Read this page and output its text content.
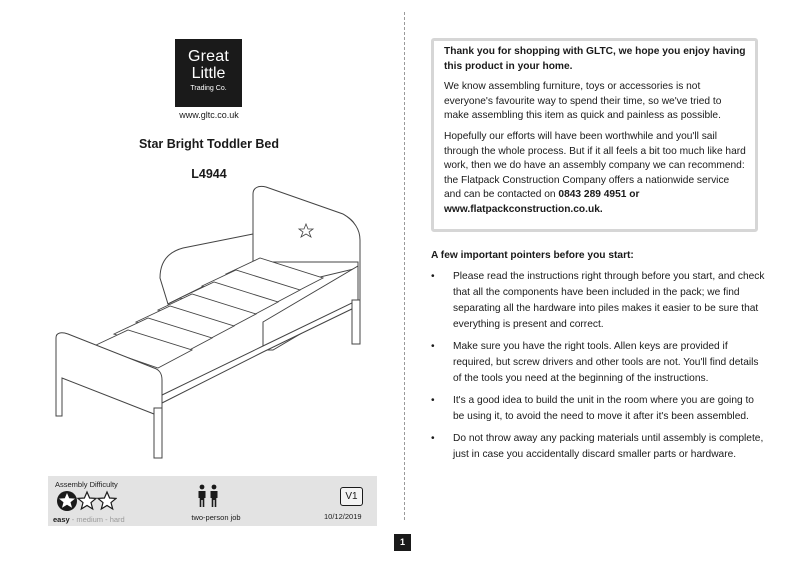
Great
Little
Trading Co.
www.gltc.co.uk
Star Bright Toddler Bed
L4944
Assembly Difficulty
easy - medium - hard	two-person job
V1
10/12/2019

Thank you for shopping with GLTC, we hope you enjoy having this product in your home.

We know assembling furniture, toys or accessories is not everyone's favourite way to spend their time, so we've tried to make assembling this item as quick and painless as possible.

Hopefully our efforts will have been worthwhile and you'll sail through the whole process. But if it all feels a bit too much like hard work, then we do have an assembly company we can recommend: the Flatpack Construction Company offers a nationwide service and can be contacted on 0843 289 4951 or www.flatpackconstruction.co.uk.

A few important pointers before you start:
• Please read the instructions right through before you start, and check that all the components have been included in the pack; we find separating all the hardware into piles makes it easier to be sure that everything is present and correct.
• Make sure you have the right tools. Allen keys are provided if required, but screw drivers and other tools are not. You'll find details of the tools you need at the beginning of the instructions.
• It's a good idea to build the unit in the room where you are going to be using it, to avoid the need to move it after it's been assembled.
• Do not throw away any packing materials until assembly is complete, just in case you accidentally discard smaller parts or hardware.
1
